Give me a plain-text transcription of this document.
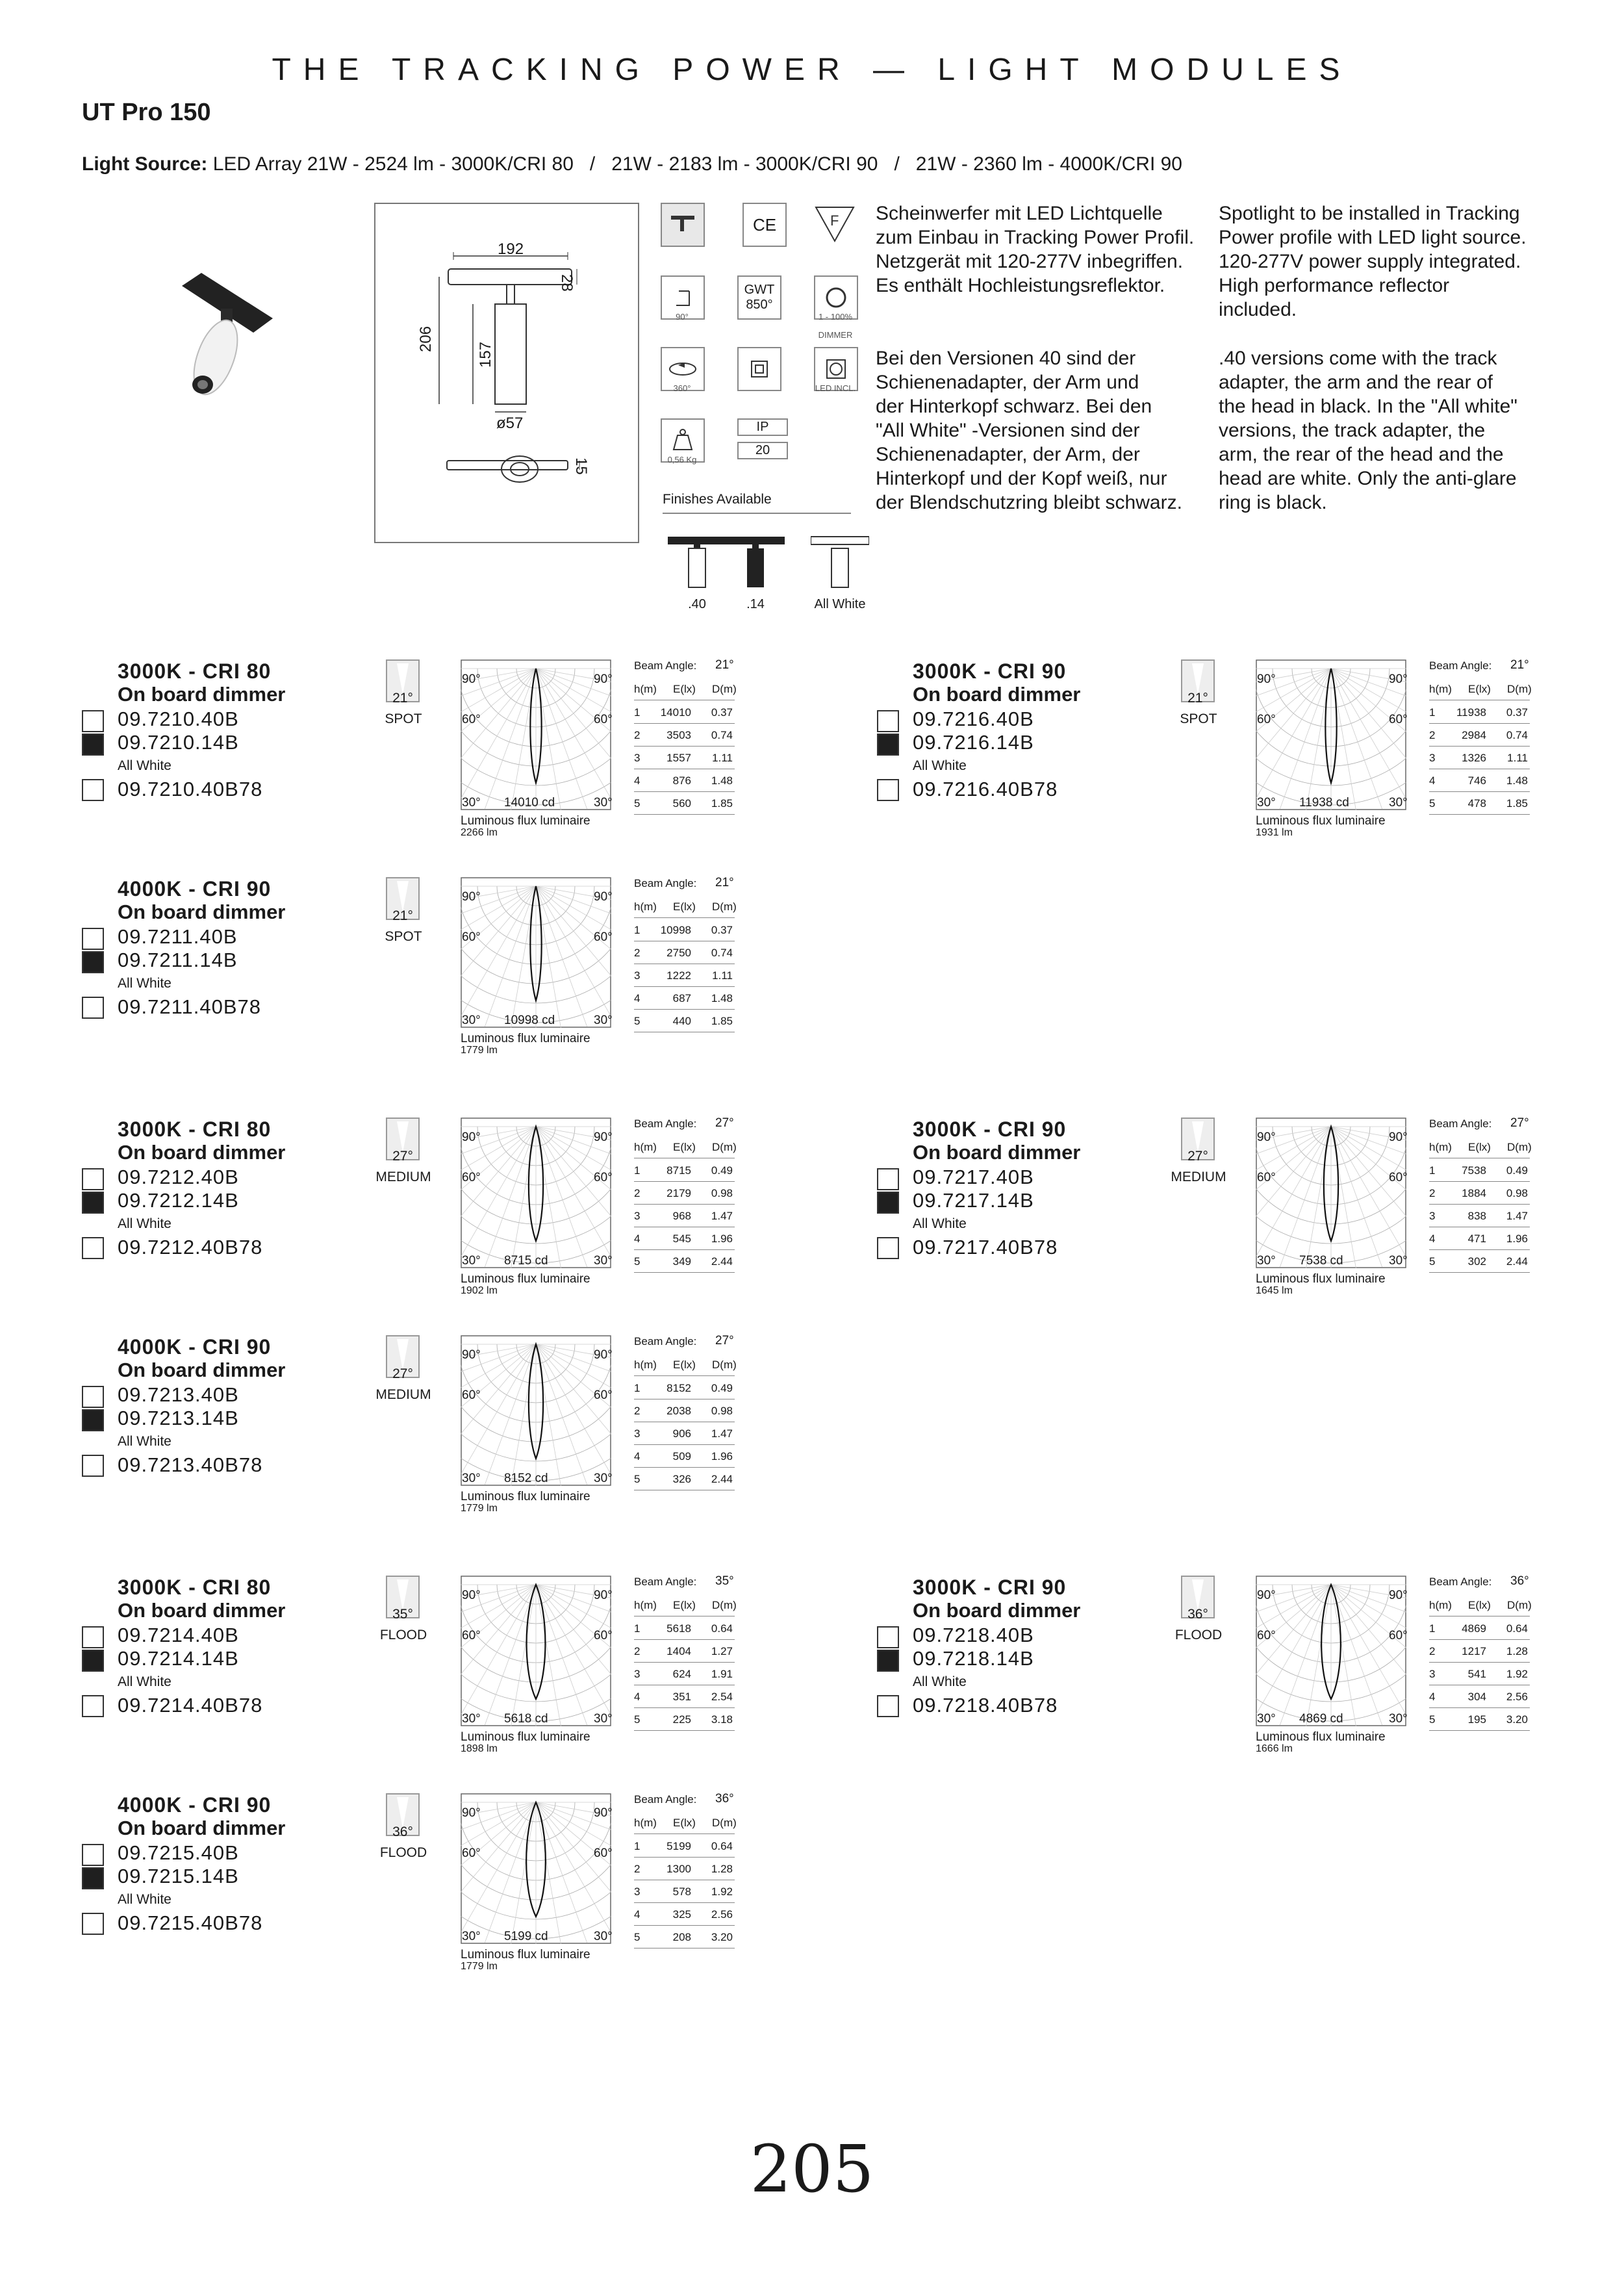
THE TRACKING POWER — LIGHT MODULES
UT Pro 150
Light Source: LED Array 21W - 2524 lm - 3000K/CRI 80   /   21W - 2183 lm - 3000K/CRI 90   /   21W - 2360 lm - 4000K/CRI 90
192
28
206
157
ø57
15
CE	F
90°
GWT
850°
1 - 100%
DIMMER
360°	LED INCL.
0,56 Kg
IP
20
Finishes Available
.40	.14	All White
Scheinwerfer mit LED Lichtquelle
zum Einbau in Tracking Power Profil.
Netzgerät mit 120-277V inbegriffen.
Es enthält Hochleistungsreflektor.
Spotlight to be installed in Tracking
Power profile with LED light source.
120-277V power supply integrated.
High performance reflector
included.
Bei den Versionen 40 sind der
Schienenadapter, der Arm und
der Hinterkopf schwarz. Bei den
"All White" -Versionen sind der
Schienenadapter, der Arm, der
Hinterkopf und der Kopf weiß, nur
der Blendschutzring bleibt schwarz.
.40 versions come with the track
adapter, the arm and the rear of
the head in black. In the "All white"
versions, the track adapter, the
arm, the rear of the head and the
head are white. Only the anti-glare
ring is black.
3000K - CRI 80
On board dimmer
09.7210.40B
09.7210.14B
All White
09.7210.40B78
21°
SPOT
90°	90°
60°	60°
30°	30°
14010 cd
Luminous flux luminaire
2266 lm
Beam Angle: 21°
h(m) E(lx) D(m)
1	14010	0.37
2	3503	0.74
3	1557	1.11
4	876	1.48
5	560	1.85
3000K - CRI 90
On board dimmer
09.7216.40B
09.7216.14B
All White
09.7216.40B78
21°
SPOT
90°	90°
60°	60°
30°	30°
11938 cd
Luminous flux luminaire
1931 lm
Beam Angle: 21°
h(m) E(lx) D(m)
1	11938	0.37
2	2984	0.74
3	1326	1.11
4	746	1.48
5	478	1.85
4000K - CRI 90
On board dimmer
09.7211.40B
09.7211.14B
All White
09.7211.40B78
21°
SPOT
90°	90°
60°	60°
30°	30°
10998 cd
Luminous flux luminaire
1779 lm
Beam Angle: 21°
h(m) E(lx) D(m)
1	10998	0.37
2	2750	0.74
3	1222	1.11
4	687	1.48
5	440	1.85
3000K - CRI 80
On board dimmer
09.7212.40B
09.7212.14B
All White
09.7212.40B78
27°
MEDIUM
90°	90°
60°	60°
30°	30°
8715 cd
Luminous flux luminaire
1902 lm
Beam Angle: 27°
h(m) E(lx) D(m)
1	8715	0.49
2	2179	0.98
3	968	1.47
4	545	1.96
5	349	2.44
3000K - CRI 90
On board dimmer
09.7217.40B
09.7217.14B
All White
09.7217.40B78
27°
MEDIUM
90°	90°
60°	60°
30°	30°
7538 cd
Luminous flux luminaire
1645 lm
Beam Angle: 27°
h(m) E(lx) D(m)
1	7538	0.49
2	1884	0.98
3	838	1.47
4	471	1.96
5	302	2.44
4000K - CRI 90
On board dimmer
09.7213.40B
09.7213.14B
All White
09.7213.40B78
27°
MEDIUM
90°	90°
60°	60°
30°	30°
8152 cd
Luminous flux luminaire
1779 lm
Beam Angle: 27°
h(m) E(lx) D(m)
1	8152	0.49
2	2038	0.98
3	906	1.47
4	509	1.96
5	326	2.44
3000K - CRI 80
On board dimmer
09.7214.40B
09.7214.14B
All White
09.7214.40B78
35°
FLOOD
90°	90°
60°	60°
30°	30°
5618 cd
Luminous flux luminaire
1898 lm
Beam Angle: 35°
h(m) E(lx) D(m)
1	5618	0.64
2	1404	1.27
3	624	1.91
4	351	2.54
5	225	3.18
3000K - CRI 90
On board dimmer
09.7218.40B
09.7218.14B
All White
09.7218.40B78
36°
FLOOD
90°	90°
60°	60°
30°	30°
4869 cd
Luminous flux luminaire
1666 lm
Beam Angle: 36°
h(m) E(lx) D(m)
1	4869	0.64
2	1217	1.28
3	541	1.92
4	304	2.56
5	195	3.20
4000K - CRI 90
On board dimmer
09.7215.40B
09.7215.14B
All White
09.7215.40B78
36°
FLOOD
90°	90°
60°	60°
30°	30°
5199 cd
Luminous flux luminaire
1779 lm
Beam Angle: 36°
h(m) E(lx) D(m)
1	5199	0.64
2	1300	1.28
3	578	1.92
4	325	2.56
5	208	3.20
205
